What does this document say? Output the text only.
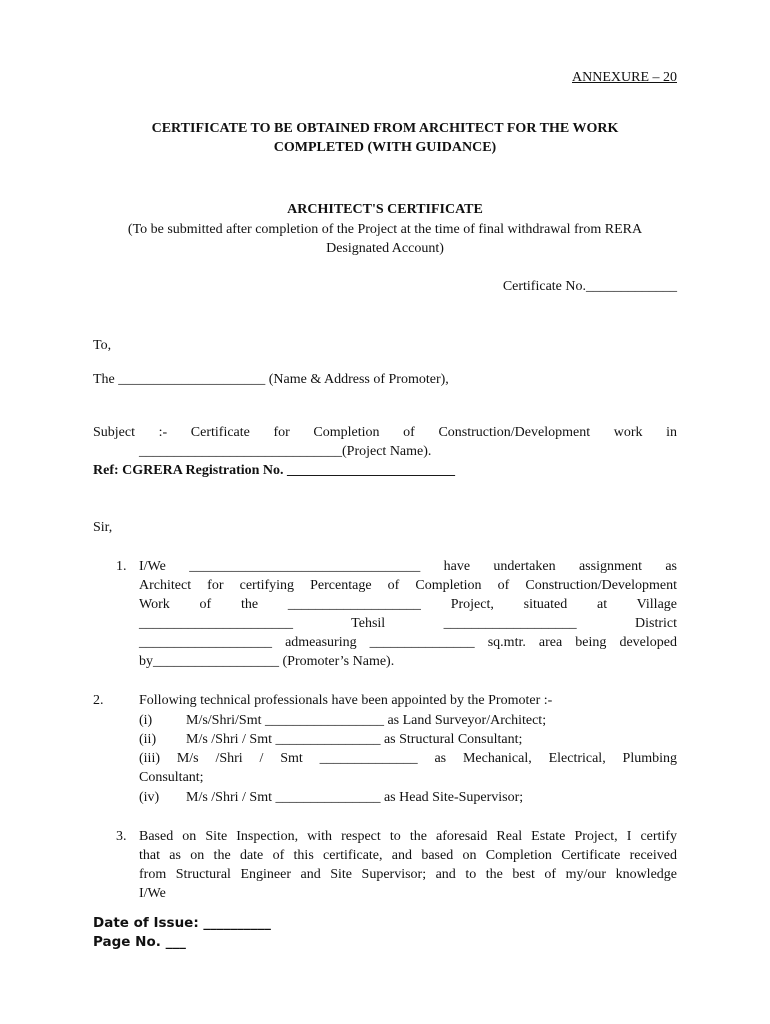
ANNEXURE – 20
CERTIFICATE TO BE OBTAINED FROM ARCHITECT FOR THE WORK
COMPLETED (WITH GUIDANCE)
ARCHITECT'S CERTIFICATE
(To be submitted after completion of the Project at the time of final withdrawal from RERA
Designated Account)
Certificate No._____________
To,
The _____________________ (Name & Address of Promoter),
Subject :- Certificate for Completion of Construction/Development work in
_____________________________(Project Name).
Ref: CGRERA Registration No. ________________________
Sir,
1. I/We _________________________________ have undertaken assignment as
Architect for certifying Percentage of Completion of Construction/Development
Work of the ___________________ Project, situated at Village
______________________ Tehsil ___________________ District
___________________ admeasuring _______________ sq.mtr. area being developed
by__________________ (Promoter’s Name).
2.	Following technical professionals have been appointed by the Promoter :-
(i) M/s/Shri/Smt _________________ as Land Surveyor/Architect;
(ii) M/s /Shri / Smt _______________ as Structural Consultant;
(iii) M/s /Shri / Smt ______________ as Mechanical, Electrical, Plumbing
Consultant;
(iv) M/s /Shri / Smt _______________ as Head Site-Supervisor;
3. Based on Site Inspection, with respect to the aforesaid Real Estate Project, I certify
that as on the date of this certificate, and based on Completion Certificate received
from Structural Engineer and Site Supervisor; and to the best of my/our knowledge
I/We
Date of Issue: __________
Page No. ___
